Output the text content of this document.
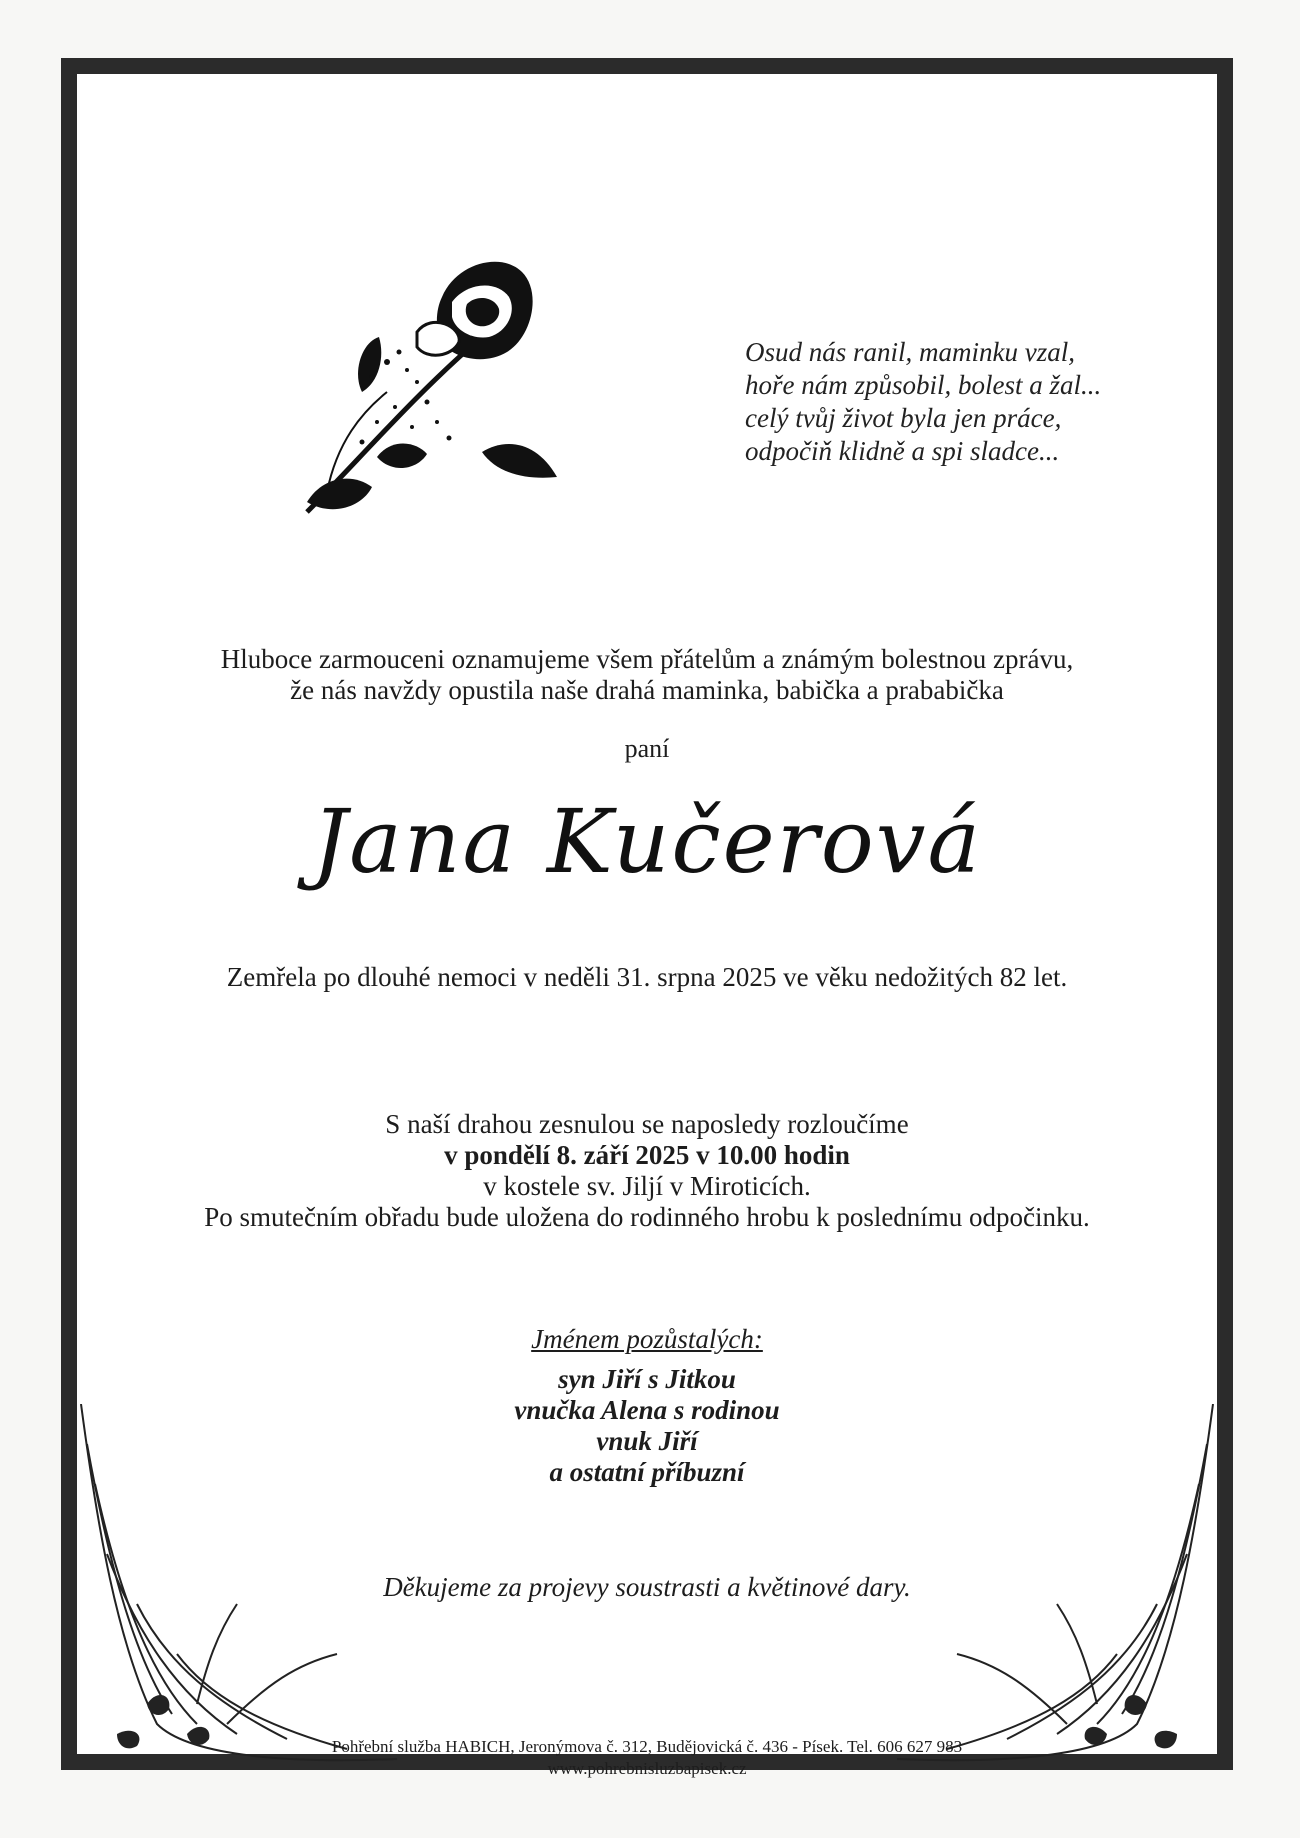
Osud nás ranil, maminku vzal,
hoře nám způsobil, bolest a žal...
celý tvůj život byla jen práce,
odpočiň klidně a spi sladce...
Hluboce zarmouceni oznamujeme všem přátelům a známým bolestnou zprávu,
že nás navždy opustila naše drahá maminka, babička a prababička
paní
Jana Kučerová
Zemřela po dlouhé nemoci v neděli 31. srpna 2025 ve věku nedožitých 82 let.
S naší drahou zesnulou se naposledy rozloučíme
v pondělí 8. září 2025 v 10.00 hodin
v kostele sv. Jiljí v Miroticích.
Po smutečním obřadu bude uložena do rodinného hrobu k poslednímu odpočinku.
Jménem pozůstalých:
syn Jiří s Jitkou
vnučka Alena s rodinou
vnuk Jiří
a ostatní příbuzní
Děkujeme za projevy soustrasti a květinové dary.
Pohřební služba HABICH, Jeronýmova č. 312, Budějovická č. 436 - Písek. Tel. 606 627 983
www.pohrebnisluzbapisek.cz
